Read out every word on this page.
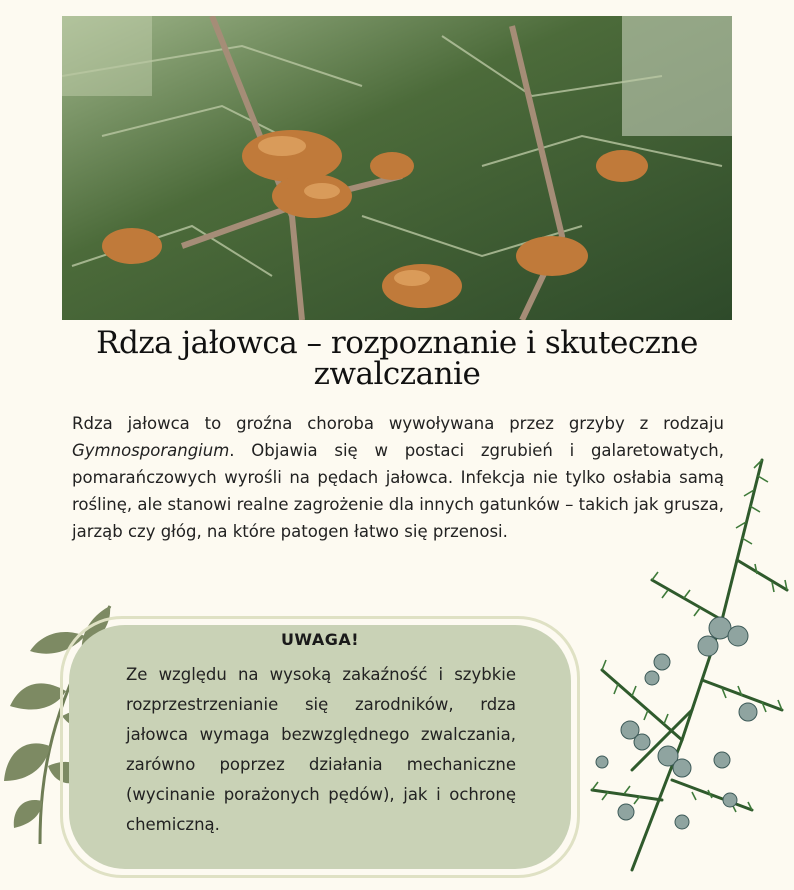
Rdza jałowca – rozpoznanie i skuteczne zwalczanie

Rdza jałowca to groźna choroba wywoływana przez grzyby z rodzaju Gymnosporangium. Objawia się w postaci zgrubień i galaretowatych, pomarańczowych wyrośli na pędach jałowca. Infekcja nie tylko osłabia samą roślinę, ale stanowi realne zagrożenie dla innych gatunków – takich jak grusza, jarząb czy głóg, na które patogen łatwo się przenosi.

UWAGA!

Ze względu na wysoką zakaźność i szybkie rozprzestrzenianie się zarodników, rdza jałowca wymaga bezwzględnego zwalczania, zarówno poprzez działania mechaniczne (wycinanie porażonych pędów), jak i ochronę chemiczną.
